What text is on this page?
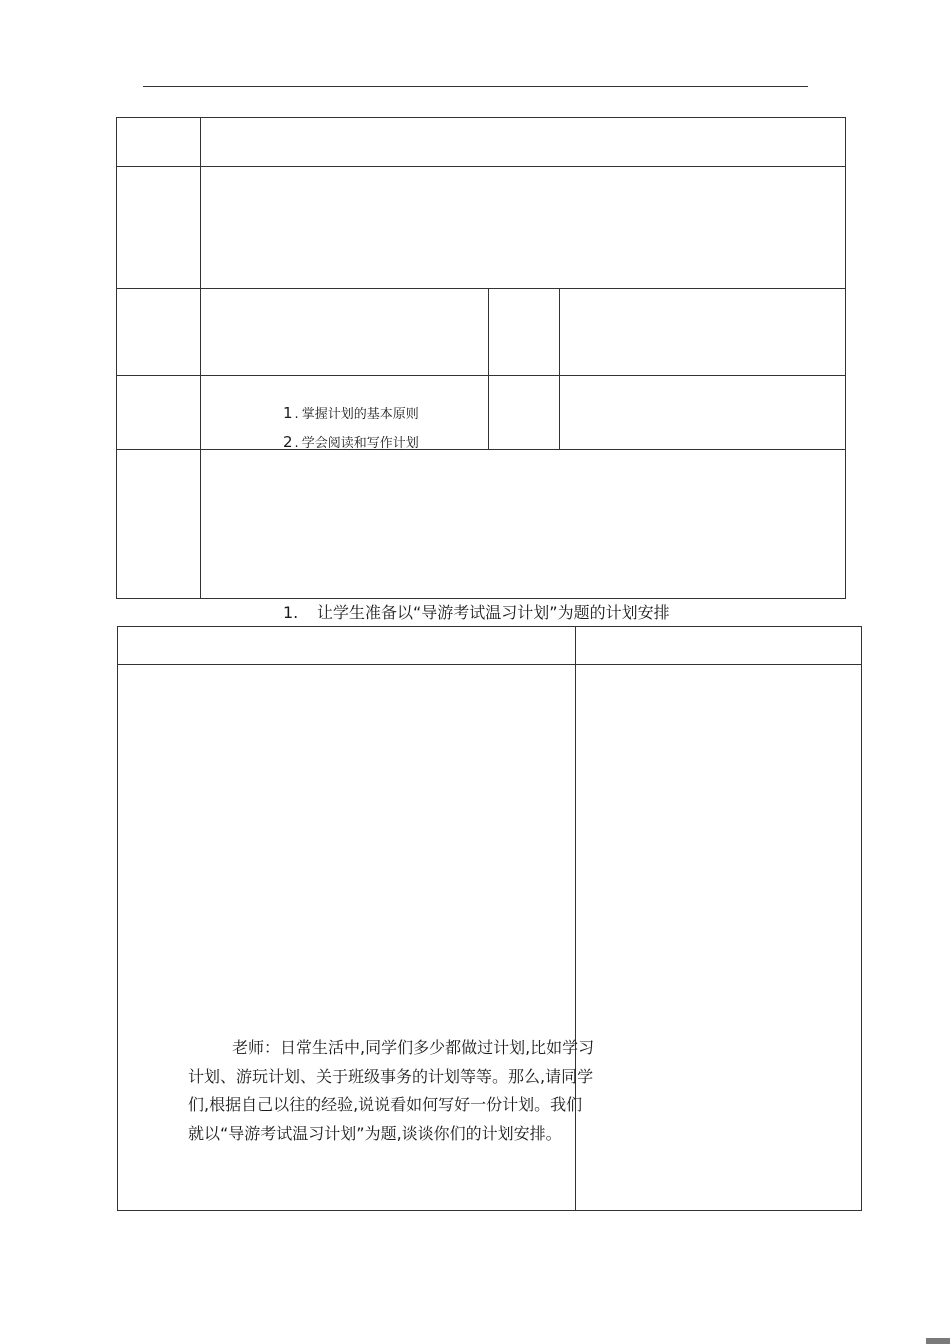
1 . 掌握计划的基本原则
2 . 学会阅读和写作计划
1. 让学生准备以“导游考试温习计划”为题的计划安排

老师：日常生活中,同学们多少都做过计划,比如学习

计划、游玩计划、关于班级事务的计划等等。那么,请同学

们,根据自己以往的经验,说说看如何写好一份计划。我们

就以“导游考试温习计划”为题,谈谈你们的计划安排。
